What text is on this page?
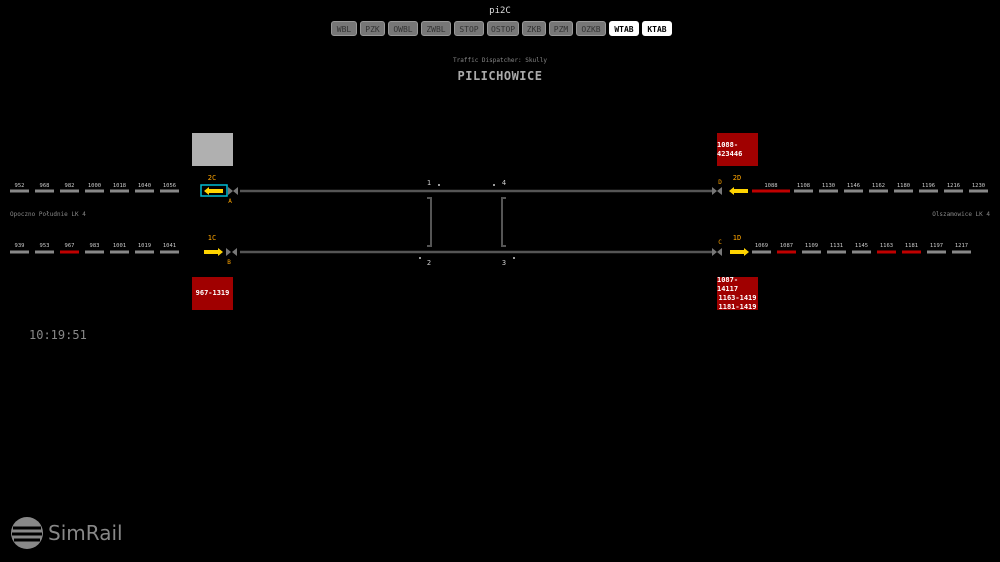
pi2C
WBL	PZK	OWBL	ZWBL	STOP	OSTOP	ZKB	PZM	OZKB	WTAB	KTAB
Traffic Dispatcher: Skully
PILICHOWICE
1088-423446
967-1319
1087-14117
1163-1419
1181-1419
952	968	982 1000 1018 1040 1056
939	953	967	983 1001 1019 1041
1088	1108 1130 1146 1162 1180 1196 1216 1230
1069 1087 1109 1131 1145 1163 1181 1197 1217
1	4
2	3
2C
A
1C
B
D
2D
C
1D
Opoczno Południe LK 4	Olszamowice LK 4
10:19:51
SimRail
